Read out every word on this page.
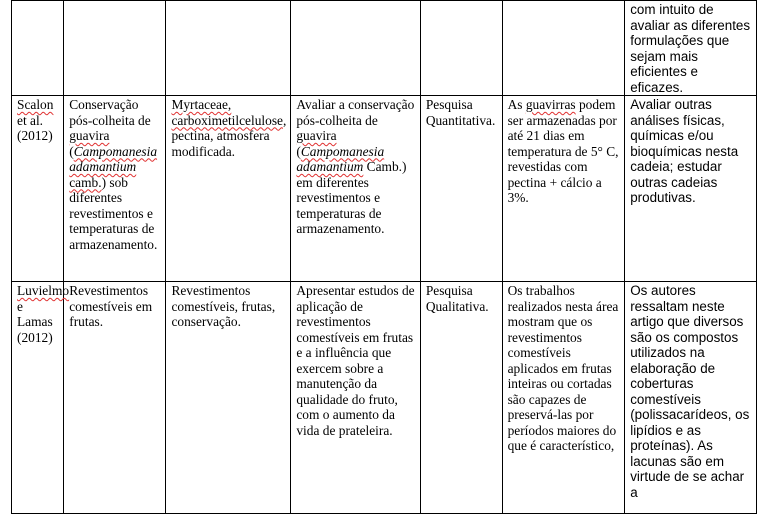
						com intuito de avaliar as diferentes formulações que sejam mais eficientes e eficazes.
Scalon et al.
(2012)	Conservação pós-colheita de guavira (Campomanesia adamantium camb.) sob diferentes revestimentos e temperaturas de armazenamento.	Myrtaceae, carboximetilcelulose, pectina, atmosfera modificada.	Avaliar a conservação pós-colheita de guavira (Campomanesia adamantium Camb.) em diferentes revestimentos e temperaturas de armazenamento.	Pesquisa Quantitativa.	As guavirras podem ser armazenadas por até 21 dias em temperatura de 5° C, revestidas com pectina + cálcio a 3%.	Avaliar outras análises físicas, químicas e/ou bioquímicas nesta cadeia; estudar outras cadeias produtivas.
Luvielmo e Lamas
(2012)	Revestimentos comestíveis em frutas.	Revestimentos comestíveis, frutas, conservação.	Apresentar estudos de aplicação de revestimentos comestíveis em frutas e a influência que exercem sobre a manutenção da qualidade do fruto, com o aumento da vida de prateleira.	Pesquisa Qualitativa.	Os trabalhos realizados nesta área mostram que os revestimentos comestíveis aplicados em frutas inteiras ou cortadas são capazes de preservá-las por períodos maiores do que é característico,	Os autores ressaltam neste artigo que diversos são os compostos utilizados na elaboração de coberturas comestíveis (polissacarídeos, os lipídios e as proteínas). As lacunas são em virtude de se achar a
